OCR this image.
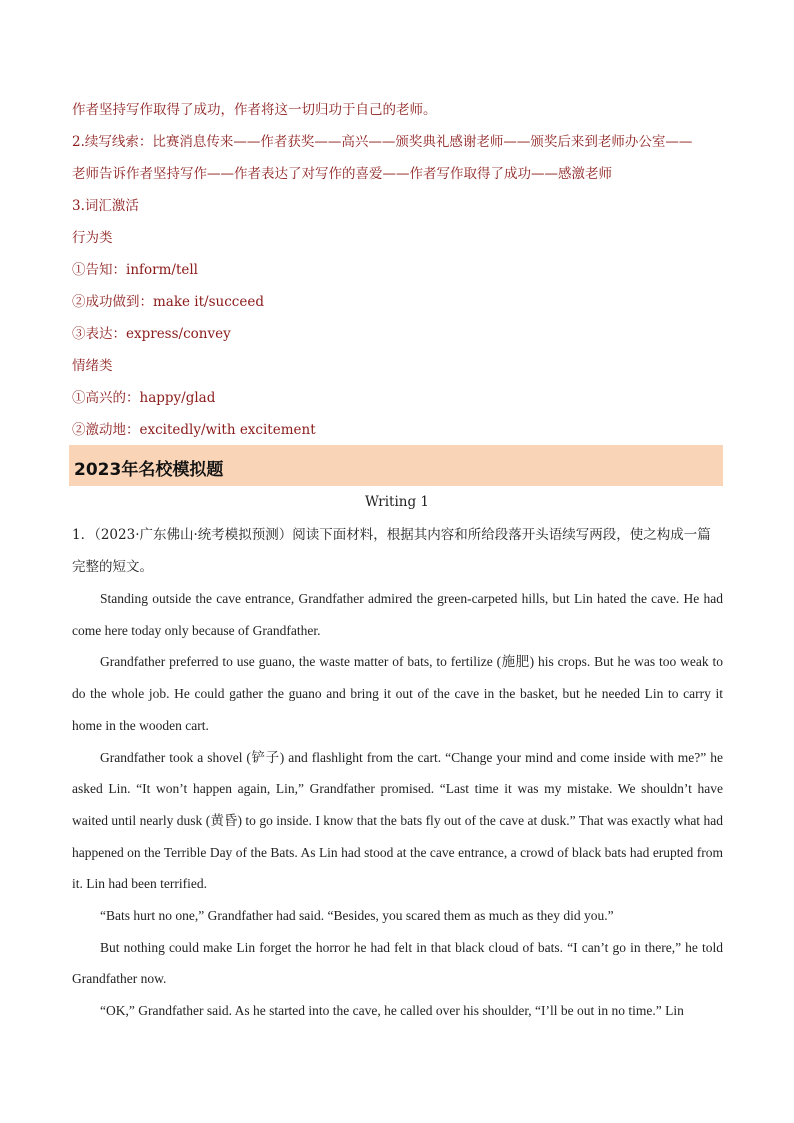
作者坚持写作取得了成功，作者将这一切归功于自己的老师。
2.续写线索：比赛消息传来——作者获奖——高兴——颁奖典礼感谢老师——颁奖后来到老师办公室——
老师告诉作者坚持写作——作者表达了对写作的喜爱——作者写作取得了成功——感激老师
3.词汇激活
行为类
①告知：inform/tell
②成功做到：make it/succeed
③表达：express/convey
情绪类
①高兴的：happy/glad
②激动地：excitedly/with excitement
2023年名校模拟题
Writing 1
1．（2023·广东佛山·统考模拟预测）阅读下面材料，根据其内容和所给段落开头语续写两段，使之构成一篇
完整的短文。

Standing outside the cave entrance, Grandfather admired the green-carpeted hills, but Lin hated the cave. He had come here today only because of Grandfather.

Grandfather preferred to use guano, the waste matter of bats, to fertilize (施肥) his crops. But he was too weak to do the whole job. He could gather the guano and bring it out of the cave in the basket, but he needed Lin to carry it home in the wooden cart.

Grandfather took a shovel (铲子) and flashlight from the cart. “Change your mind and come inside with me?” he asked Lin. “It won’t happen again, Lin,” Grandfather promised. “Last time it was my mistake. We shouldn’t have waited until nearly dusk (黄昏) to go inside. I know that the bats fly out of the cave at dusk.” That was exactly what had happened on the Terrible Day of the Bats. As Lin had stood at the cave entrance, a crowd of black bats had erupted from it. Lin had been terrified.

“Bats hurt no one,” Grandfather had said. “Besides, you scared them as much as they did you.”

But nothing could make Lin forget the horror he had felt in that black cloud of bats. “I can’t go in there,” he told Grandfather now.

“OK,” Grandfather said. As he started into the cave, he called over his shoulder, “I’ll be out in no time.” Lin
